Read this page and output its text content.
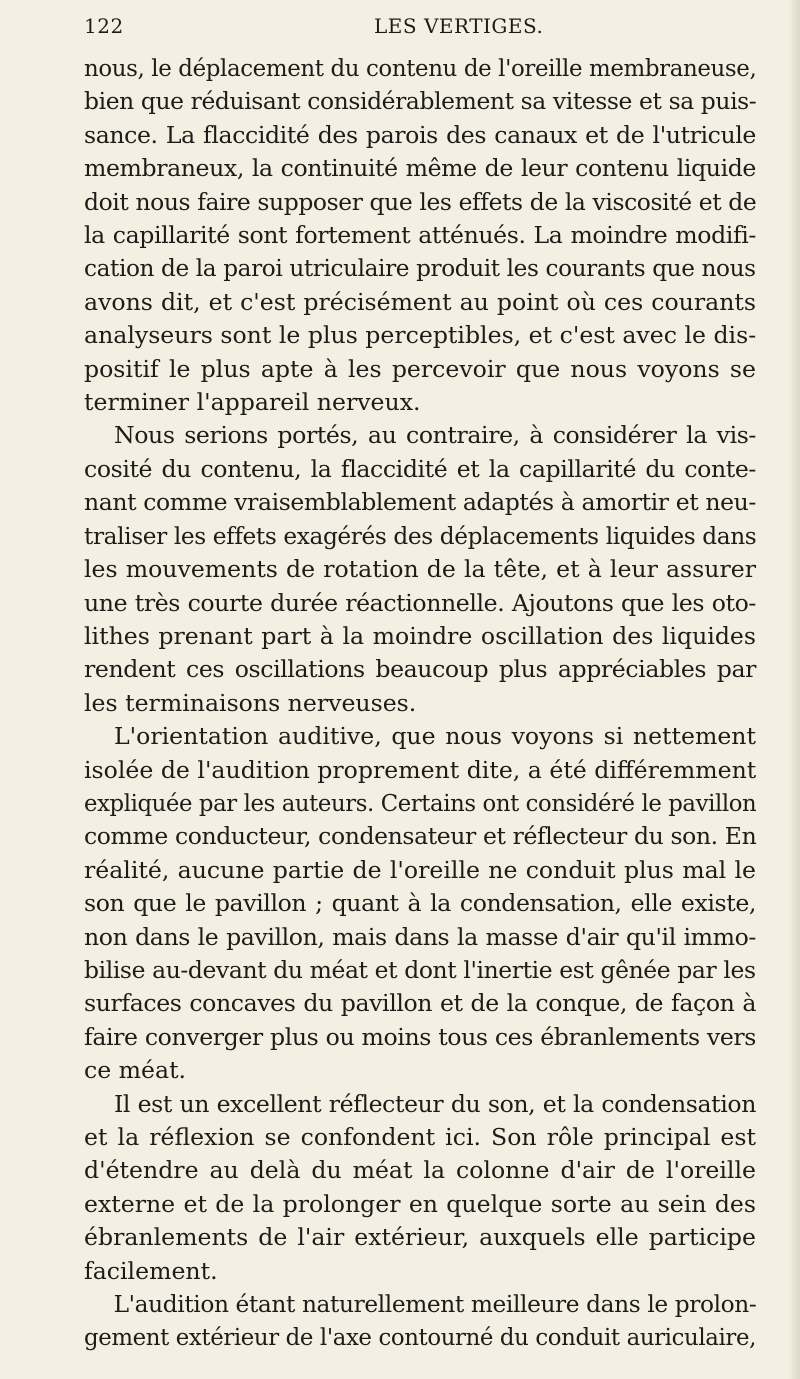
122	LES VERTIGES.
nous, le déplacement du contenu de l'oreille membraneuse,
bien que réduisant considérablement sa vitesse et sa puis-
sance. La flaccidité des parois des canaux et de l'utricule
membraneux, la continuité même de leur contenu liquide
doit nous faire supposer que les effets de la viscosité et de
la capillarité sont fortement atténués. La moindre modifi-
cation de la paroi utriculaire produit les courants que nous
avons dit, et c'est précisément au point où ces courants
analyseurs sont le plus perceptibles, et c'est avec le dis-
positif le plus apte à les percevoir que nous voyons se
terminer l'appareil nerveux.
Nous serions portés, au contraire, à considérer la vis-
cosité du contenu, la flaccidité et la capillarité du conte-
nant comme vraisemblablement adaptés à amortir et neu-
traliser les effets exagérés des déplacements liquides dans
les mouvements de rotation de la tête, et à leur assurer
une très courte durée réactionnelle. Ajoutons que les oto-
lithes prenant part à la moindre oscillation des liquides
rendent ces oscillations beaucoup plus appréciables par
les terminaisons nerveuses.
L'orientation auditive, que nous voyons si nettement
isolée de l'audition proprement dite, a été différemment
expliquée par les auteurs. Certains ont considéré le pavillon
comme conducteur, condensateur et réflecteur du son. En
réalité, aucune partie de l'oreille ne conduit plus mal le
son que le pavillon ; quant à la condensation, elle existe,
non dans le pavillon, mais dans la masse d'air qu'il immo-
bilise au-devant du méat et dont l'inertie est gênée par les
surfaces concaves du pavillon et de la conque, de façon à
faire converger plus ou moins tous ces ébranlements vers
ce méat.
Il est un excellent réflecteur du son, et la condensation
et la réflexion se confondent ici. Son rôle principal est
d'étendre au delà du méat la colonne d'air de l'oreille
externe et de la prolonger en quelque sorte au sein des
ébranlements de l'air extérieur, auxquels elle participe
facilement.
L'audition étant naturellement meilleure dans le prolon-
gement extérieur de l'axe contourné du conduit auriculaire,
